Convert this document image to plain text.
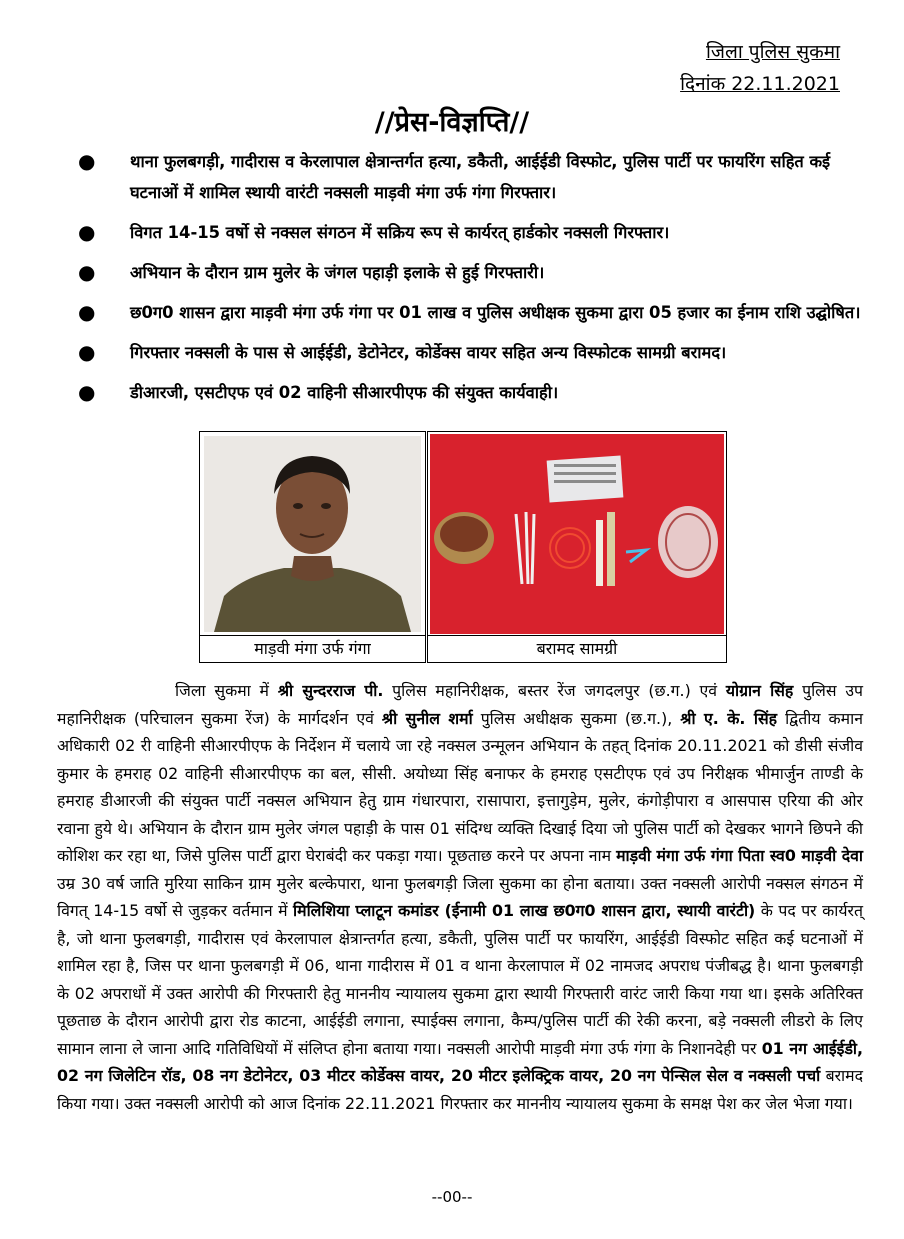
जिला पुलिस सुकमा
दिनांक 22.11.2021
//प्रेस-विज्ञप्ति//
● थाना फुलबगड़ी, गादीरास व केरलापाल क्षेत्रान्तर्गत हत्या, डकैती, आईईडी विस्फोट, पुलिस पार्टी पर फायरिंग सहित कई घटनाओं में शामिल स्थायी वारंटी नक्सली माड़वी मंगा उर्फ गंगा गिरफ्तार।
● विगत 14-15 वर्षो से नक्सल संगठन में सक्रिय रूप से कार्यरत् हार्डकोर नक्सली गिरफ्तार।
● अभियान के दौरान ग्राम मुलेर के जंगल पहाड़ी इलाके से हुई गिरफ्तारी।
● छ0ग0 शासन द्वारा माड़वी मंगा उर्फ गंगा पर 01 लाख व पुलिस अधीक्षक सुकमा द्वारा 05 हजार का ईनाम राशि उद्घोषित।
● गिरफ्तार नक्सली के पास से आईईडी, डेटोनेटर, कोर्डेक्स वायर सहित अन्य विस्फोटक सामग्री बरामद।
● डीआरजी, एसटीएफ एवं 02 वाहिनी सीआरपीएफ की संयुक्त कार्यवाही।
माड़वी मंगा उर्फ गंगा	बरामद सामग्री

जिला सुकमा में श्री सुन्दरराज पी. पुलिस महानिरीक्षक, बस्तर रेंज जगदलपुर (छ.ग.) एवं योग्रान सिंह पुलिस उप महानिरीक्षक (परिचालन सुकमा रेंज) के मार्गदर्शन एवं श्री सुनील शर्मा पुलिस अधीक्षक सुकमा (छ.ग.), श्री ए. के. सिंह द्वितीय कमान अधिकारी 02 री वाहिनी सीआरपीएफ के निर्देशन में चलाये जा रहे नक्सल उन्मूलन अभियान के तहत् दिनांक 20.11.2021 को डीसी संजीव कुमार के हमराह 02 वाहिनी सीआरपीएफ का बल, सीसी. अयोध्या सिंह बनाफर के हमराह एसटीएफ एवं उप निरीक्षक भीमार्जुन ताण्डी के हमराह डीआरजी की संयुक्त पार्टी नक्सल अभियान हेतु ग्राम गंधारपारा, रासापारा, इत्तागुडे़म, मुलेर, कंगोड़ीपारा व आसपास एरिया की ओर रवाना हुये थे। अभियान के दौरान ग्राम मुलेर जंगल पहाड़ी के पास 01 संदिग्ध व्यक्ति दिखाई दिया जो पुलिस पार्टी को देखकर भागने छिपने की कोशिश कर रहा था, जिसे पुलिस पार्टी द्वारा घेराबंदी कर पकड़ा गया। पूछताछ करने पर अपना नाम माड़वी मंगा उर्फ गंगा पिता स्व0 माड़वी देवा उम्र 30 वर्ष जाति मुरिया साकिन ग्राम मुलेर बल्केपारा, थाना फुलबगड़ी जिला सुकमा का होना बताया। उक्त नक्सली आरोपी नक्सल संगठन में विगत् 14-15 वर्षो से जुड़कर वर्तमान में मिलिशिया प्लाटून कमांडर (ईनामी 01 लाख छ0ग0 शासन द्वारा, स्थायी वारंटी) के पद पर कार्यरत् है, जो थाना फुलबगड़ी, गादीरास एवं केरलापाल क्षेत्रान्तर्गत हत्या, डकैती, पुलिस पार्टी पर फायरिंग, आईईडी विस्फोट सहित कई घटनाओं में शामिल रहा है, जिस पर थाना फुलबगड़ी में 06, थाना गादीरास में 01 व थाना केरलापाल में 02 नामजद अपराध पंजीबद्ध है। थाना फुलबगड़ी के 02 अपराधों में उक्त आरोपी की गिरफ्तारी हेतु माननीय न्यायालय सुकमा द्वारा स्थायी गिरफ्तारी वारंट जारी किया गया था। इसके अतिरिक्त पूछताछ के दौरान आरोपी द्वारा रोड काटना, आईईडी लगाना, स्पाईक्स लगाना, कैम्प/पुलिस पार्टी की रेकी करना, बड़े नक्सली लीडरो के लिए सामान लाना ले जाना आदि गतिविधियों में संलिप्त होना बताया गया। नक्सली आरोपी माड़वी मंगा उर्फ गंगा के निशानदेही पर 01 नग आईईडी, 02 नग जिलेटिन रॉड, 08 नग डेटोनेटर, 03 मीटर कोर्डेक्स वायर, 20 मीटर इलेक्ट्रिक वायर, 20 नग पेन्सिल सेल व नक्सली पर्चा बरामद किया गया। उक्त नक्सली आरोपी को आज दिनांक 22.11.2021 गिरफ्तार कर माननीय न्यायालय सुकमा के समक्ष पेश कर जेल भेजा गया।

--00--
